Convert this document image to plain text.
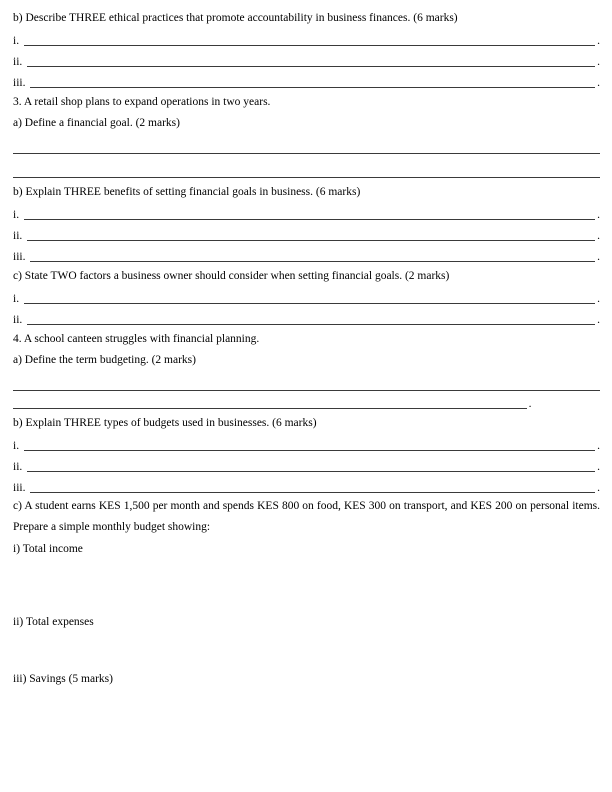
b) Describe THREE ethical practices that promote accountability in business finances. (6 marks)
i.	.
ii.	.
iii.	.
3. A retail shop plans to expand operations in two years.
a) Define a financial goal. (2 marks)
b) Explain THREE benefits of setting financial goals in business. (6 marks)
i.	.
ii.	.
iii.	.
c) State TWO factors a business owner should consider when setting financial goals. (2 marks)
i.	.
ii.	.
4. A school canteen struggles with financial planning.
a) Define the term budgeting. (2 marks)
.
b) Explain THREE types of budgets used in businesses. (6 marks)
i.	.
ii.	.
iii.	.
c) A student earns KES 1,500 per month and spends KES 800 on food, KES 300 on transport, and KES 200 on personal items. Prepare a simple monthly budget showing:
i) Total income
ii) Total expenses
iii) Savings (5 marks)
